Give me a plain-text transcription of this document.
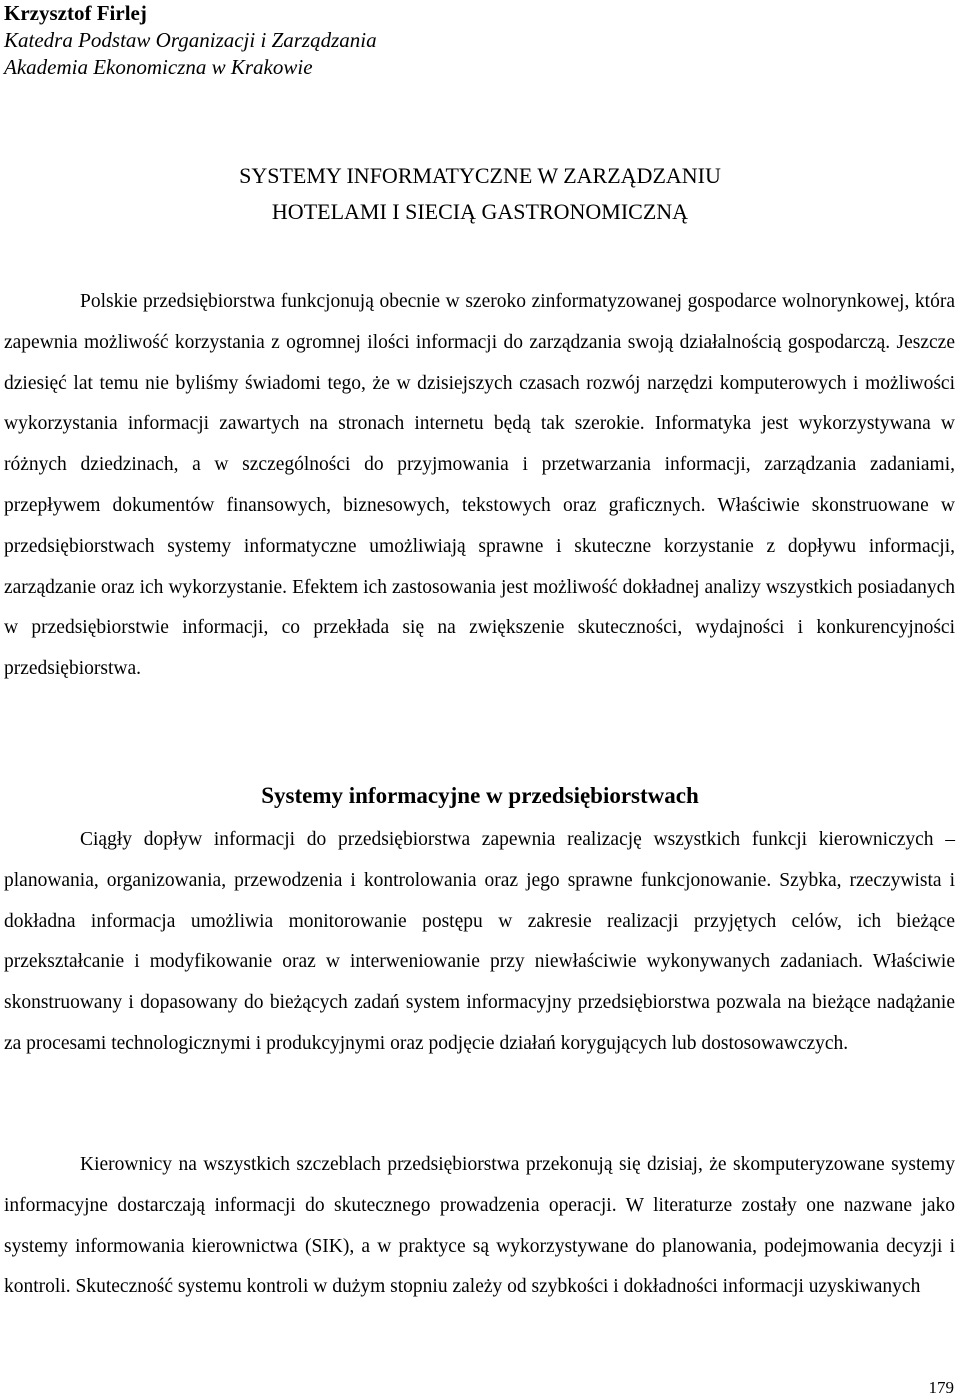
Krzysztof Firlej
Katedra Podstaw Organizacji i Zarządzania
Akademia Ekonomiczna w Krakowie
SYSTEMY INFORMATYCZNE W ZARZĄDZANIU
HOTELAMI I SIECIĄ GASTRONOMICZNĄ

Polskie przedsiębiorstwa funkcjonują obecnie w szeroko zinformatyzowanej gospodarce wolnorynkowej, która zapewnia możliwość korzystania z ogromnej ilości informacji do zarządzania swoją działalnością gospodarczą. Jeszcze dziesięć lat temu nie byliśmy świadomi tego, że w dzisiejszych czasach rozwój narzędzi komputerowych i możliwości wykorzystania informacji zawartych na stronach internetu będą tak szerokie. Informatyka jest wykorzystywana w różnych dziedzinach, a w szczególności do przyjmowania i przetwarzania informacji, zarządzania zadaniami, przepływem dokumentów finansowych, biznesowych, tekstowych oraz graficznych. Właściwie skonstruowane w przedsiębiorstwach systemy informatyczne umożliwiają sprawne i skuteczne korzystanie z dopływu informacji, zarządzanie oraz ich wykorzystanie. Efektem ich zastosowania jest możliwość dokładnej analizy wszystkich posiadanych w przedsiębiorstwie informacji, co przekłada się na zwiększenie skuteczności, wydajności i konkurencyjności przedsiębiorstwa.

Systemy informacyjne w przedsiębiorstwach

Ciągły dopływ informacji do przedsiębiorstwa zapewnia realizację wszystkich funkcji kierowniczych – planowania, organizowania, przewodzenia i kontrolowania oraz jego sprawne funkcjonowanie. Szybka, rzeczywista i dokładna informacja umożliwia monitorowanie postępu w zakresie realizacji przyjętych celów, ich bieżące przekształcanie i modyfikowanie oraz w interweniowanie przy niewłaściwie wykonywanych zadaniach. Właściwie skonstruowany i dopasowany do bieżących zadań system informacyjny przedsiębiorstwa pozwala na bieżące nadążanie za procesami technologicznymi i produkcyjnymi oraz podjęcie działań korygujących lub dostosowawczych.

Kierownicy na wszystkich szczeblach przedsiębiorstwa przekonują się dzisiaj, że skomputeryzowane systemy informacyjne dostarczają informacji do skutecznego prowadzenia operacji. W literaturze zostały one nazwane jako systemy informowania kierownictwa (SIK), a w praktyce są wykorzystywane do planowania, podejmowania decyzji i kontroli. Skuteczność systemu kontroli w dużym stopniu zależy od szybkości i dokładności informacji uzyskiwanych

179
